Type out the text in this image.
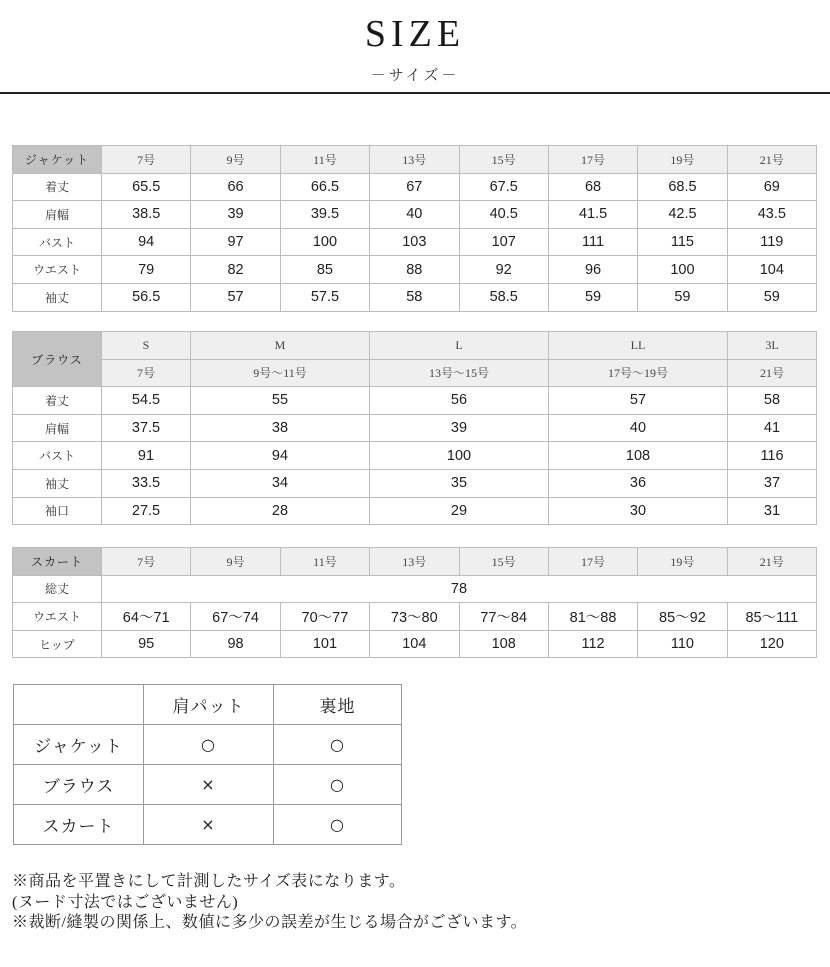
SIZE
－サイズ－
ジャケット	7号	9号	11号	13号	15号	17号	19号	21号
着丈	65.5	66	66.5	67	67.5	68	68.5	69
肩幅	38.5	39	39.5	40	40.5	41.5	42.5	43.5
バスト	94	97	100	103	107	111	115	119
ウエスト	79	82	85	88	92	96	100	104
袖丈	56.5	57	57.5	58	58.5	59	59	59
ブラウス	S	M	L	LL	3L
	7号	9号～11号	13号～15号	17号～19号	21号
着丈	54.5	55	56	57	58
肩幅	37.5	38	39	40	41
バスト	91	94	100	108	116
袖丈	33.5	34	35	36	37
袖口	27.5	28	29	30	31
スカート	7号	9号	11号	13号	15号	17号	19号	21号
総丈	78							
ウエスト	64～71	67～74	70～77	73～80	77～84	81～88	85～92	85～111
ヒップ	95	98	101	104	108	112	110	120
	肩パット	裏地
ジャケット	○	○
ブラウス	×	○
スカート	×	○
※商品を平置きにして計測したサイズ表になります。
(ヌード寸法ではございません)
※裁断/縫製の関係上、数値に多少の誤差が生じる場合がございます。
